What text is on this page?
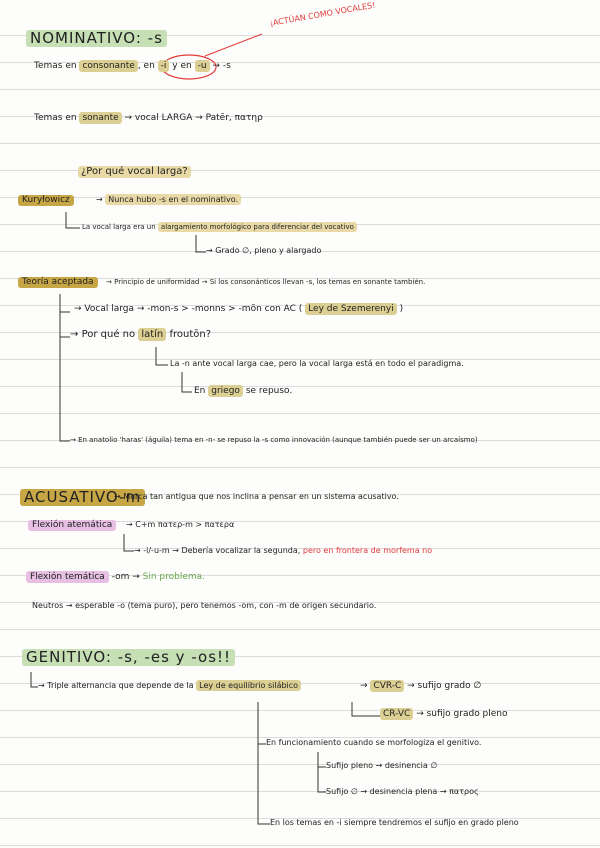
NOMINATIVO: -s
¡ACTÚAN COMO VOCALES!
Temas en consonante , en -i y en -u → -s
Temas en sonante → vocal LARGA → Patēr, πατηρ
¿Por qué vocal larga?
Kuryłowicz	→ Nunca hubo -s en el nominativo.
La vocal larga era un alargamiento morfológico para diferenciar del vocativo
→ Grado ∅, pleno y alargado
Teoría aceptada	→ Principio de uniformidad → Si los consonánticos llevan -s, los temas en sonante también.
→ Vocal larga → -mon-s > -monns > -mōn con AC ( Ley de Szemerenyi )
→ Por qué no latín froutōn?
La -n ante vocal larga cae, pero la vocal larga está en todo el paradigma.
En griego se repuso.
→ En anatolio 'haras' (águila) tema en -n- se repuso la -s como innovación (aunque también puede ser un arcaísmo)
ACUSATIVO-m
→ Marca tan antigua que nos inclina a pensar en un sistema acusativo.
Flexión atemática	→ C+m πατερ-m > πατερα
→ -i/-u-m → Debería vocalizar la segunda, pero en frontera de morfema no
Flexión temática -om → Sin problema.
Neutros → esperable -o (tema puro), pero tenemos -om, con -m de origen secundario.
GENITIVO: -s, -es y -os!!
→ Triple alternancia que depende de la Ley de equilibrio silábico	→ CVR-C → sufijo grado ∅
CR-VC → sufijo grado pleno
En funcionamiento cuando se morfologiza el genitivo.
Sufijo pleno → desinencia ∅
Sufijo ∅ → desinencia plena → πατρος
En los temas en -i siempre tendremos el sufijo en grado pleno
